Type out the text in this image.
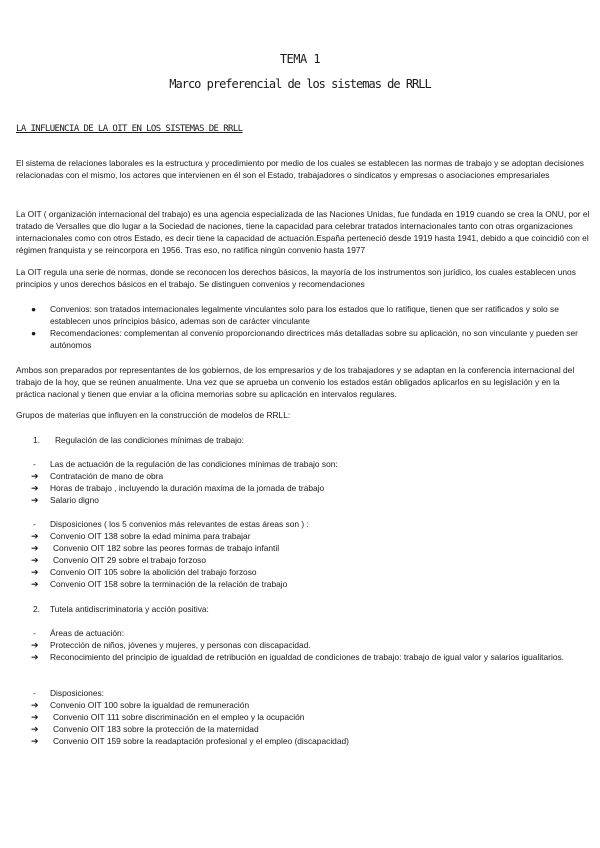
TEMA 1
Marco preferencial de los sistemas de RRLL
LA INFLUENCIA DE LA OIT EN LOS SISTEMAS DE RRLL

El sistema de relaciones laborales es la estructura y procedimiento por medio de los cuales se establecen las normas de trabajo y se adoptan decisiones relacionadas con el mismo, los actores que intervienen en él son el Estado, trabajadores o sindicatos y empresas o asociaciones empresariales

La OIT ( organización internacional del trabajo) es una agencia especializada de las Naciones Unidas, fue fundada en 1919 cuando se crea la ONU, por el tratado de Versalles que dio lugar a la Sociedad de naciones, tiene la capacidad para celebrar tratados internacionales tanto con otras organizaciones internacionales como con otros Estado, es decir tiene la capacidad de actuación.España perteneció desde 1919 hasta 1941, debido a que coincidió con el régimen franquista y se reincorpora en 1956. Tras eso, no ratifica ningún convenio hasta 1977

La OIT regula una serie de normas, donde se reconocen los derechos básicos, la mayoría de los instrumentos son jurídico, los cuales establecen unos principios y unos derechos básicos en el trabajo. Se distinguen convenios y recomendaciones

● Convenios: son tratados internacionales legalmente vinculantes solo para los estados que lo ratifique, tienen que ser ratificados y solo se establecen unos principios básico, ademas son de carácter vinculante

● Recomendaciones: complementan al convenio proporcionando directrices más detalladas sobre su aplicación, no son vinculante y pueden ser autónomos

Ambos son preparados por representantes de los gobiernos, de los empresarios y de los trabajadores y se adaptan en la conferencia internacional del trabajo de la hoy, que se reúnen anualmente. Una vez que se aprueba un convenio los estados están obligados aplicarlos en su legislación y en la práctica nacional y tienen que enviar a la oficina memorias sobre su aplicación en intervalos regulares.

Grupos de materias que influyen en la construcción de modelos de RRLL:
1. Regulación de las condiciones mínimas de trabajo:
- Las de actuación de la regulación de las condiciones mínimas de trabajo son:
➔ Contratación de mano de obra
➔ Horas de trabajo , incluyendo la duración maxima de la jornada de trabajo
➔ Salario digno
- Disposiciones ( los 5 convenios más relevantes de estas áreas son ) :
➔ Convenio OIT 138 sobre la edad mínima para trabajar
➔ Convenio OIT 182 sobre las peores formas de trabajo infantil
➔ Convenio OIT 29 sobre el trabajo forzoso
➔ Convenio OIT 105 sobre la abolición del trabajo forzoso
➔ Convenio OIT 158 sobre la terminación de la relación de trabajo
2. Tutela antidiscriminatoria y acción positiva:
- Áreas de actuación:
➔ Protección de niños, jóvenes y mujeres, y personas con discapacidad.
➔ Reconocimiento del principio de igualdad de retribución en igualdad de condiciones de trabajo: trabajo de igual valor y salarios igualitarios.
- Disposiciones:
➔ Convenio OIT 100 sobre la igualdad de remuneración
➔ Convenio OIT 111 sobre discriminación en el empleo y la ocupación
➔ Convenio OIT 183 sobre la protección de la maternidad
➔ Convenio OIT 159 sobre la readaptación profesional y el empleo (discapacidad)
